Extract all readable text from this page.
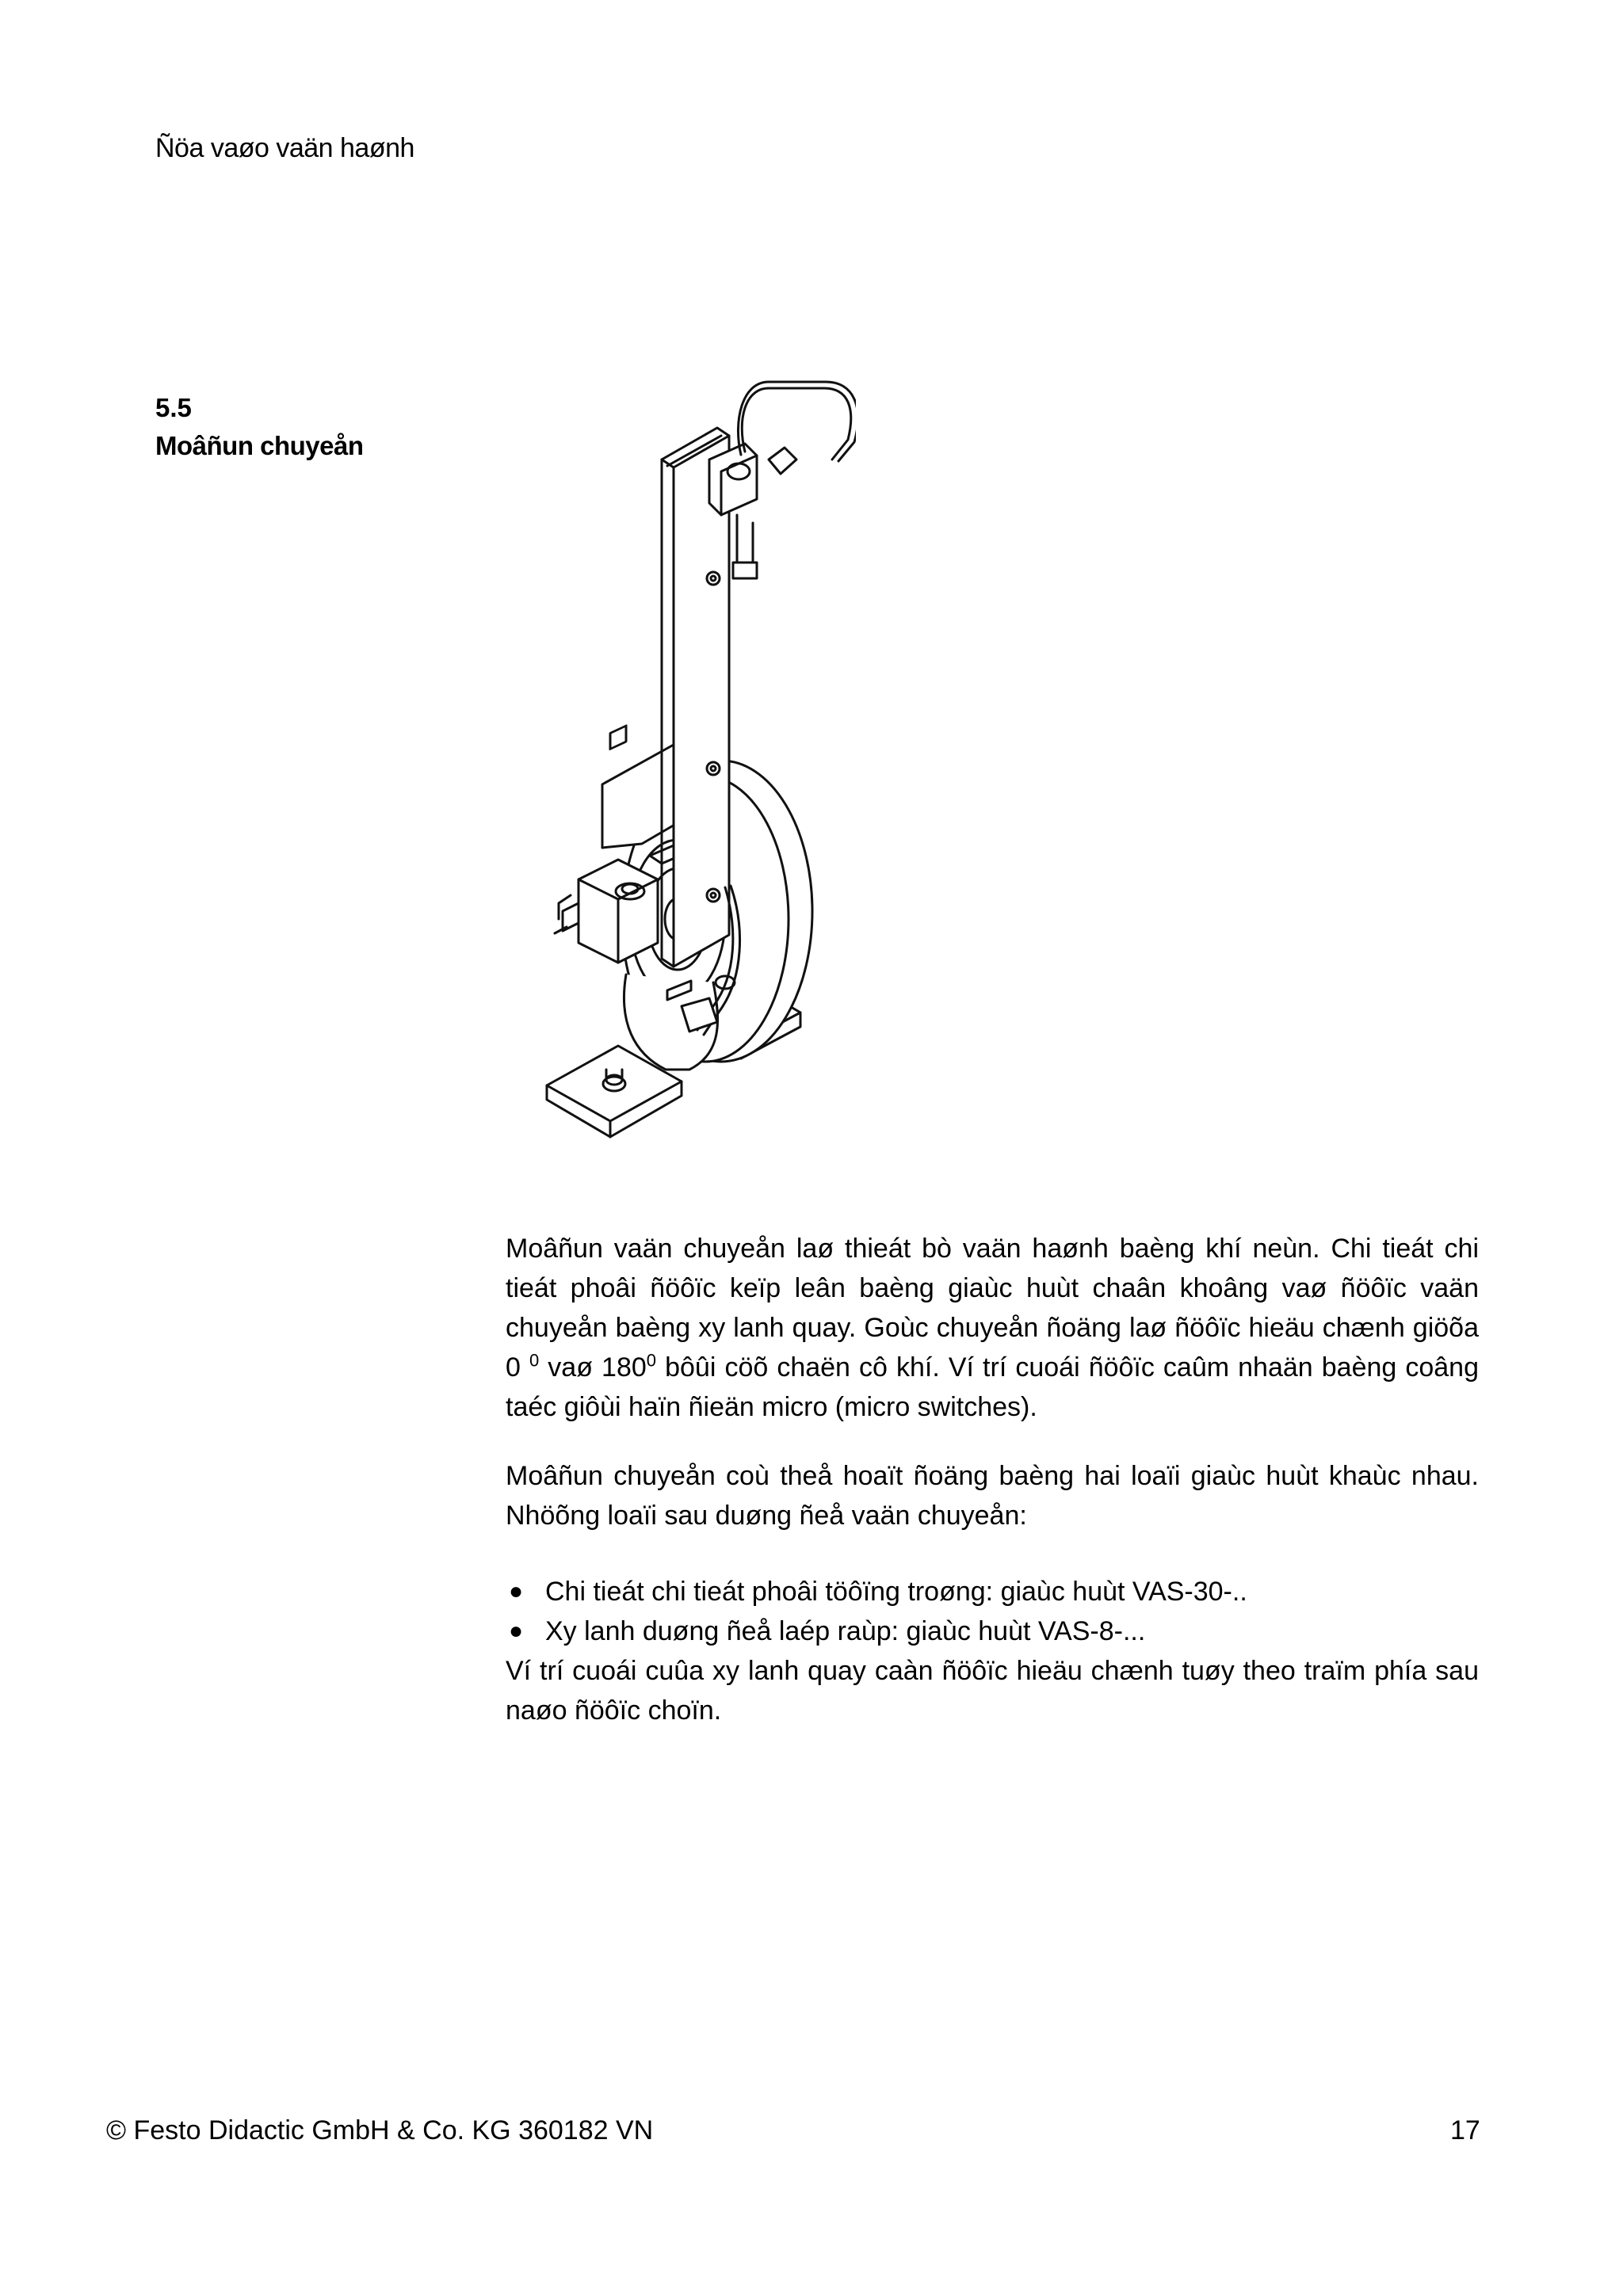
Ñöa vaøo vaän haønh
5.5
Moâñun chuyeån
Moâñun vaän chuyeån laø thieát bò vaän haønh baèng khí neùn. Chi tieát chi tieát phoâi ñöôïc keïp leân baèng giaùc huùt chaân khoâng vaø ñöôïc vaän chuyeån baèng xy lanh quay. Goùc chuyeån ñoäng laø ñöôïc hieäu chænh giöõa 0 $^0$ vaø $180^0$ bôûi cöõ chaën cô khí. Ví trí cuoái ñöôïc caûm nhaän baèng coâng taéc giôùi haïn ñieän micro (micro switches).
Moâñun chuyeån coù theå hoaït ñoäng baèng hai loaïi giaùc huùt khaùc nhau. Nhöõng loaïi sau duøng ñeå vaän chuyeån:
● Chi tieát chi tieát phoâi töôïng troøng: giaùc huùt VAS-30-..
● Xy lanh duøng ñeå laép raùp: giaùc huùt VAS-8-...
Ví trí cuoái cuûa xy lanh quay caàn ñöôïc hieäu chænh tuøy theo traïm phía sau naøo ñöôïc choïn.
© Festo Didactic GmbH & Co. KG 360182 VN	17
